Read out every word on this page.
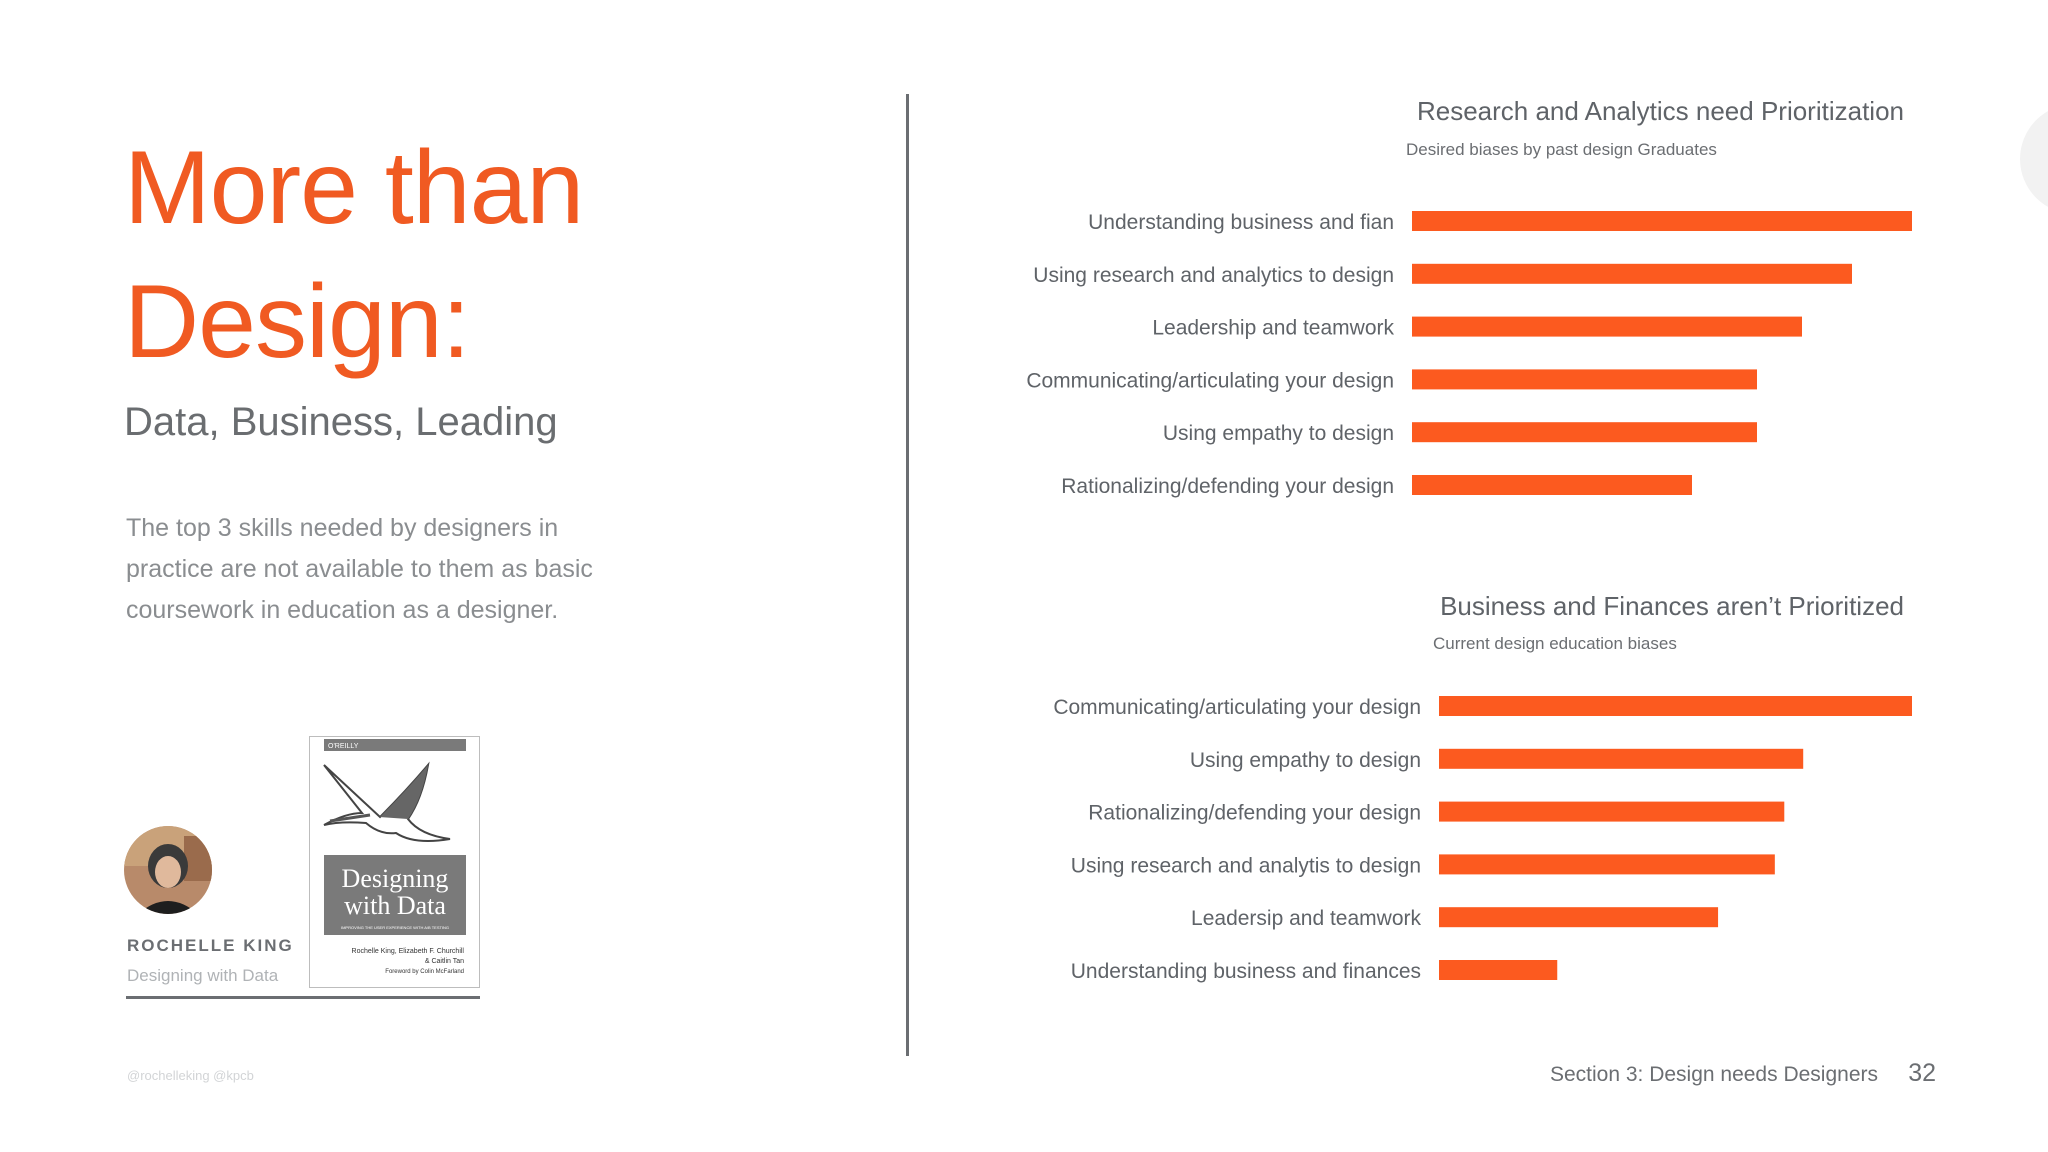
More than
Design:
Data, Business, Leading
The top 3 skills needed by designers in practice are not available to them as basic coursework in education as a designer.
ROCHELLE KING
Designing with Data
O'REILLY
Designing
with Data
IMPROVING THE USER EXPERIENCE WITH A/B TESTING
Rochelle King, Elizabeth F. Churchill
& Caitlin Tan
Foreword by Colin McFarland
@rochelleking @kpcb
Research and Analytics need Prioritization
Desired biases by past design Graduates
Business and Finances aren’t Prioritized
Current design education biases
Understanding business and fian
Using research and analytics to design
Leadership and teamwork
Communicating/articulating your design
Using empathy to design
Rationalizing/defending your design
Communicating/articulating your design
Using empathy to design
Rationalizing/defending your design
Using research and analytis to design
Leadersip and teamwork
Understanding business and finances
Section 3: Design needs Designers 32
